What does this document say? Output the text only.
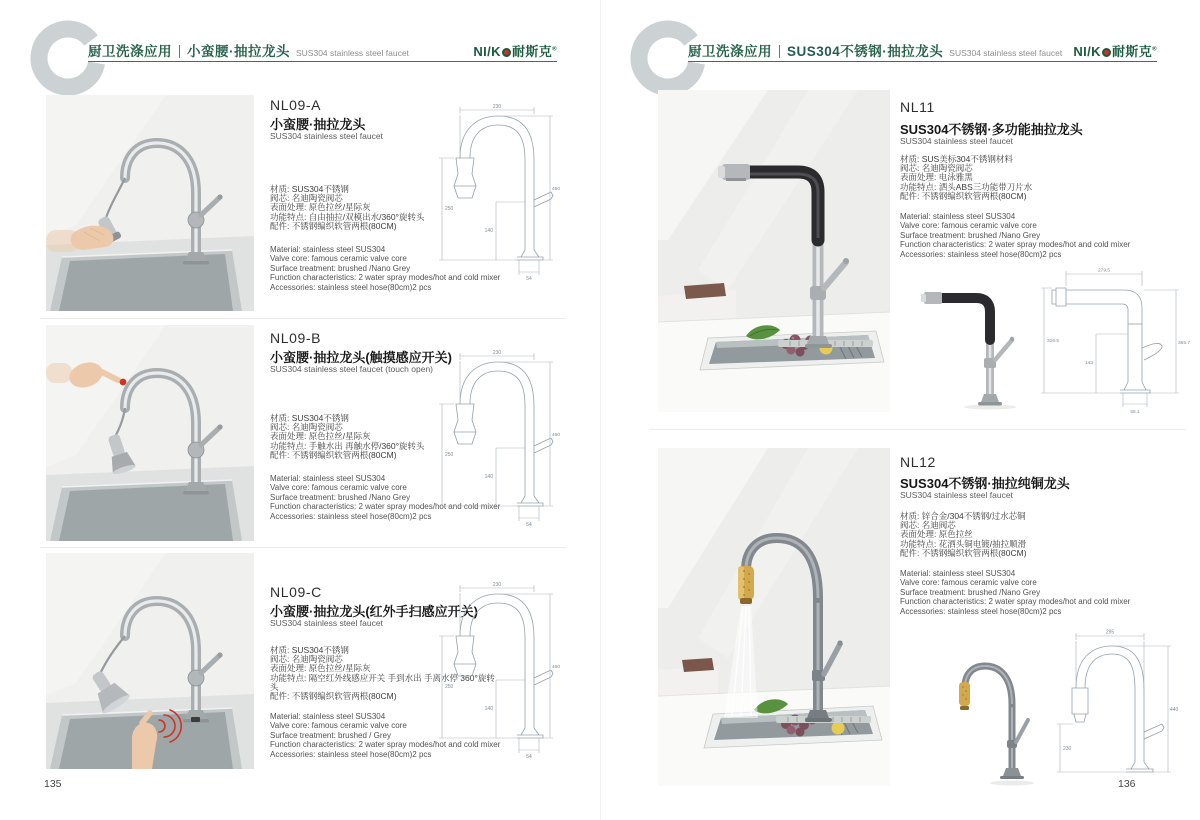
厨卫洗涤应用 小蛮腰·抽拉龙头 SUS304 stainless steel faucet	NI/K 耐斯克®
NL09-A
小蛮腰·抽拉龙头
SUS304 stainless steel faucet
材质: SUS304不锈钢
阀芯: 名迪陶瓷阀芯
表面处理: 原色拉丝/星际灰
功能特点: 自由抽拉/双模出水/360°旋转头
配件: 不锈钢编织软管两根(80CM)
Material: stainless steel SUS304
Valve core: famous ceramic valve core
Surface treatment: brushed /Nano Grey
Function characteristics: 2 water spray modes/hot and cold mixer
Accessories: stainless steel hose(80cm)2 pcs
230
460
250
140
54
NL09-B
小蛮腰·抽拉龙头(触摸感应开关)
SUS304 stainless steel faucet (touch open)
材质: SUS304不锈钢
阀芯: 名迪陶瓷阀芯
表面处理: 原色拉丝/星际灰
功能特点: 手触水出 再触水停/360°旋转头
配件: 不锈钢编织软管两根(80CM)
Material: stainless steel SUS304
Valve core: famous ceramic valve core
Surface treatment: brushed /Nano Grey
Function characteristics: 2 water spray modes/hot and cold mixer
Accessories: stainless steel hose(80cm)2 pcs
230
460
250
140
54
NL09-C
小蛮腰·抽拉龙头(红外手扫感应开关)
SUS304 stainless steel faucet
材质: SUS304不锈钢
阀芯: 名迪陶瓷阀芯
表面处理: 原色拉丝/星际灰
功能特点: 隔空红外线感应开关 手到水出 手离水停 360°旋转头
配件: 不锈钢编织软管两根(80CM)
Material: stainless steel SUS304
Valve core: famous ceramic valve core
Surface treatment: brushed / Grey
Function characteristics: 2 water spray modes/hot and cold mixer
Accessories: stainless steel hose(80cm)2 pcs
230
460
250
140
54
135
厨卫洗涤应用 SUS304不锈钢·抽拉龙头 SUS304 stainless steel faucet NI/K 耐斯克®
NL11
SUS304不锈钢·多功能抽拉龙头
SUS304 stainless steel faucet
材质: SUS美标304不锈钢材料
阀芯: 名迪陶瓷阀芯
表面处理: 电泳雅黑
功能特点: 洒头ABS三功能带刀片水
配件: 不锈钢编织软管两根(80CM)
Material: stainless steel SUS304
Valve core: famous ceramic valve core
Surface treatment: brushed /Nano Grey
Function characteristics: 2 water spray modes/hot and cold mixer
Accessories: stainless steel hose(80cm)2 pcs
279.5
326.5	365.7
143
55.1
NL12
SUS304不锈钢·抽拉纯铜龙头
SUS304 stainless steel faucet
材质: 锌合金/304不锈钢/过水芯铜
阀芯: 名迪阀芯
表面处理: 原色拉丝
功能特点: 花洒头铜电镀/抽拉顺滑
配件: 不锈钢编织软管两根(80CM)
Material: stainless steel SUS304
Valve core: famous ceramic valve core
Surface treatment: brushed /Nano Grey
Function characteristics: 2 water spray modes/hot and cold mixer
Accessories: stainless steel hose(80cm)2 pcs
295
440
230
136
